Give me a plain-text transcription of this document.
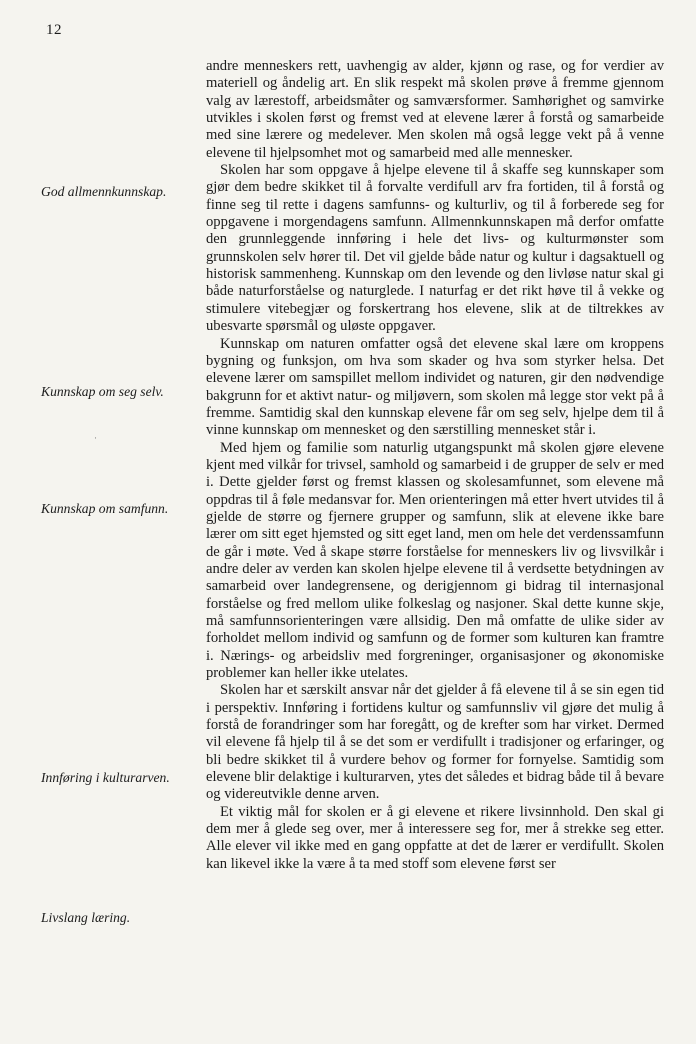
12
God allmennkunnskap.
Kunnskap om seg selv.
Kunnskap om samfunn.
Innføring i kulturarven.
Livslang læring.
·

andre menneskers rett, uavhengig av alder, kjønn og rase, og for verdier av materiell og åndelig art. En slik respekt må skolen prøve å fremme gjennom valg av lærestoff, arbeidsmåter og samværsformer. Samhørighet og samvirke utvikles i skolen først og fremst ved at elevene lærer å forstå og samarbeide med sine lærere og medelever. Men skolen må også legge vekt på å venne elevene til hjelpsomhet mot og samarbeid med alle mennesker.

Skolen har som oppgave å hjelpe elevene til å skaffe seg kunnskaper som gjør dem bedre skikket til å forvalte verdifull arv fra fortiden, til å forstå og finne seg til rette i dagens samfunns- og kulturliv, og til å forberede seg for oppgavene i morgendagens samfunn. Allmennkunnskapen må derfor omfatte den grunnleggende innføring i hele det livs- og kulturmønster som grunnskolen selv hører til. Det vil gjelde både natur og kultur i dagsaktuell og historisk sammenheng. Kunnskap om den levende og den livløse natur skal gi både naturforståelse og naturglede. I naturfag er det rikt høve til å vekke og stimulere vitebegjær og forskertrang hos elevene, slik at de tiltrekkes av ubesvarte spørsmål og uløste oppgaver.

Kunnskap om naturen omfatter også det elevene skal lære om kroppens bygning og funksjon, om hva som skader og hva som styrker helsa. Det elevene lærer om samspillet mellom individet og naturen, gir den nødvendige bakgrunn for et aktivt natur- og miljøvern, som skolen må legge stor vekt på å fremme. Samtidig skal den kunnskap elevene får om seg selv, hjelpe dem til å vinne kunnskap om mennesket og den særstilling mennesket står i.

Med hjem og familie som naturlig utgangspunkt må skolen gjøre elevene kjent med vilkår for trivsel, samhold og samarbeid i de grupper de selv er med i. Dette gjelder først og fremst klassen og skolesamfunnet, som elevene må oppdras til å føle medansvar for. Men orienteringen må etter hvert utvides til å gjelde de større og fjernere grupper og samfunn, slik at elevene ikke bare lærer om sitt eget hjemsted og sitt eget land, men om hele det verdenssamfunn de går i møte. Ved å skape større forståelse for menneskers liv og livsvilkår i andre deler av verden kan skolen hjelpe elevene til å verdsette betydningen av samarbeid over landegrensene, og derigjennom gi bidrag til internasjonal forståelse og fred mellom ulike folkeslag og nasjoner. Skal dette kunne skje, må samfunnsorienteringen være allsidig. Den må omfatte de ulike sider av forholdet mellom individ og samfunn og de former som kulturen kan framtre i. Nærings- og arbeidsliv med forgreninger, organisasjoner og økonomiske problemer kan heller ikke utelates.

Skolen har et særskilt ansvar når det gjelder å få elevene til å se sin egen tid i perspektiv. Innføring i fortidens kultur og samfunnsliv vil gjøre det mulig å forstå de forandringer som har foregått, og de krefter som har virket. Dermed vil elevene få hjelp til å se det som er verdifullt i tradisjoner og erfaringer, og bli bedre skikket til å vurdere behov og former for fornyelse. Samtidig som elevene blir delaktige i kulturarven, ytes det således et bidrag både til å bevare og videreutvikle denne arven.

Et viktig mål for skolen er å gi elevene et rikere livsinnhold. Den skal gi dem mer å glede seg over, mer å interessere seg for, mer å strekke seg etter. Alle elever vil ikke med en gang oppfatte at det de lærer er verdifullt. Skolen kan likevel ikke la være å ta med stoff som elevene først ser
